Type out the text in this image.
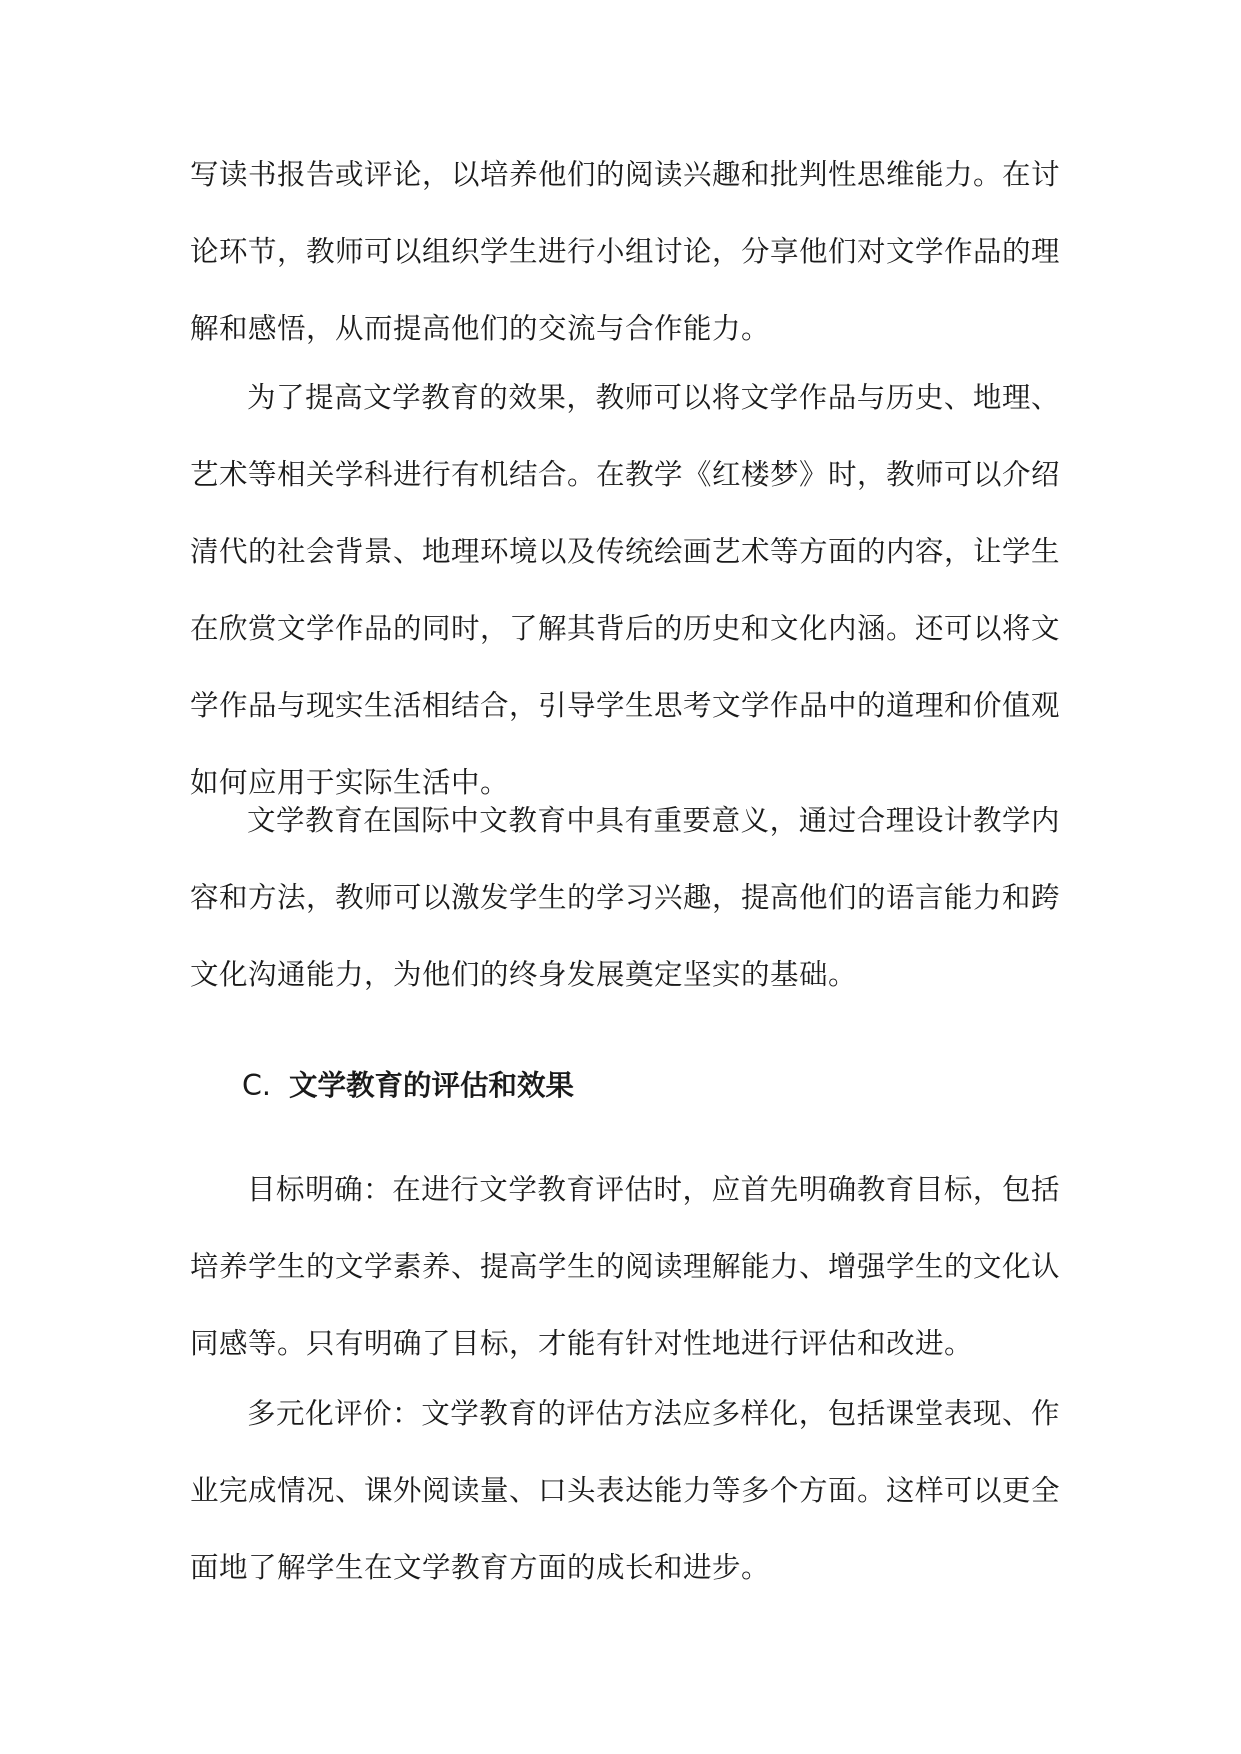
写读书报告或评论，以培养他们的阅读兴趣和批判性思维能力。在讨论环节，教师可以组织学生进行小组讨论，分享他们对文学作品的理解和感悟，从而提高他们的交流与合作能力。

为了提高文学教育的效果，教师可以将文学作品与历史、地理、艺术等相关学科进行有机结合。在教学《红楼梦》时，教师可以介绍清代的社会背景、地理环境以及传统绘画艺术等方面的内容，让学生在欣赏文学作品的同时，了解其背后的历史和文化内涵。还可以将文学作品与现实生活相结合，引导学生思考文学作品中的道理和价值观如何应用于实际生活中。

文学教育在国际中文教育中具有重要意义，通过合理设计教学内容和方法，教师可以激发学生的学习兴趣，提高他们的语言能力和跨文化沟通能力，为他们的终身发展奠定坚实的基础。

C. 文学教育的评估和效果

目标明确：在进行文学教育评估时，应首先明确教育目标，包括培养学生的文学素养、提高学生的阅读理解能力、增强学生的文化认同感等。只有明确了目标，才能有针对性地进行评估和改进。

多元化评价：文学教育的评估方法应多样化，包括课堂表现、作业完成情况、课外阅读量、口头表达能力等多个方面。这样可以更全面地了解学生在文学教育方面的成长和进步。
